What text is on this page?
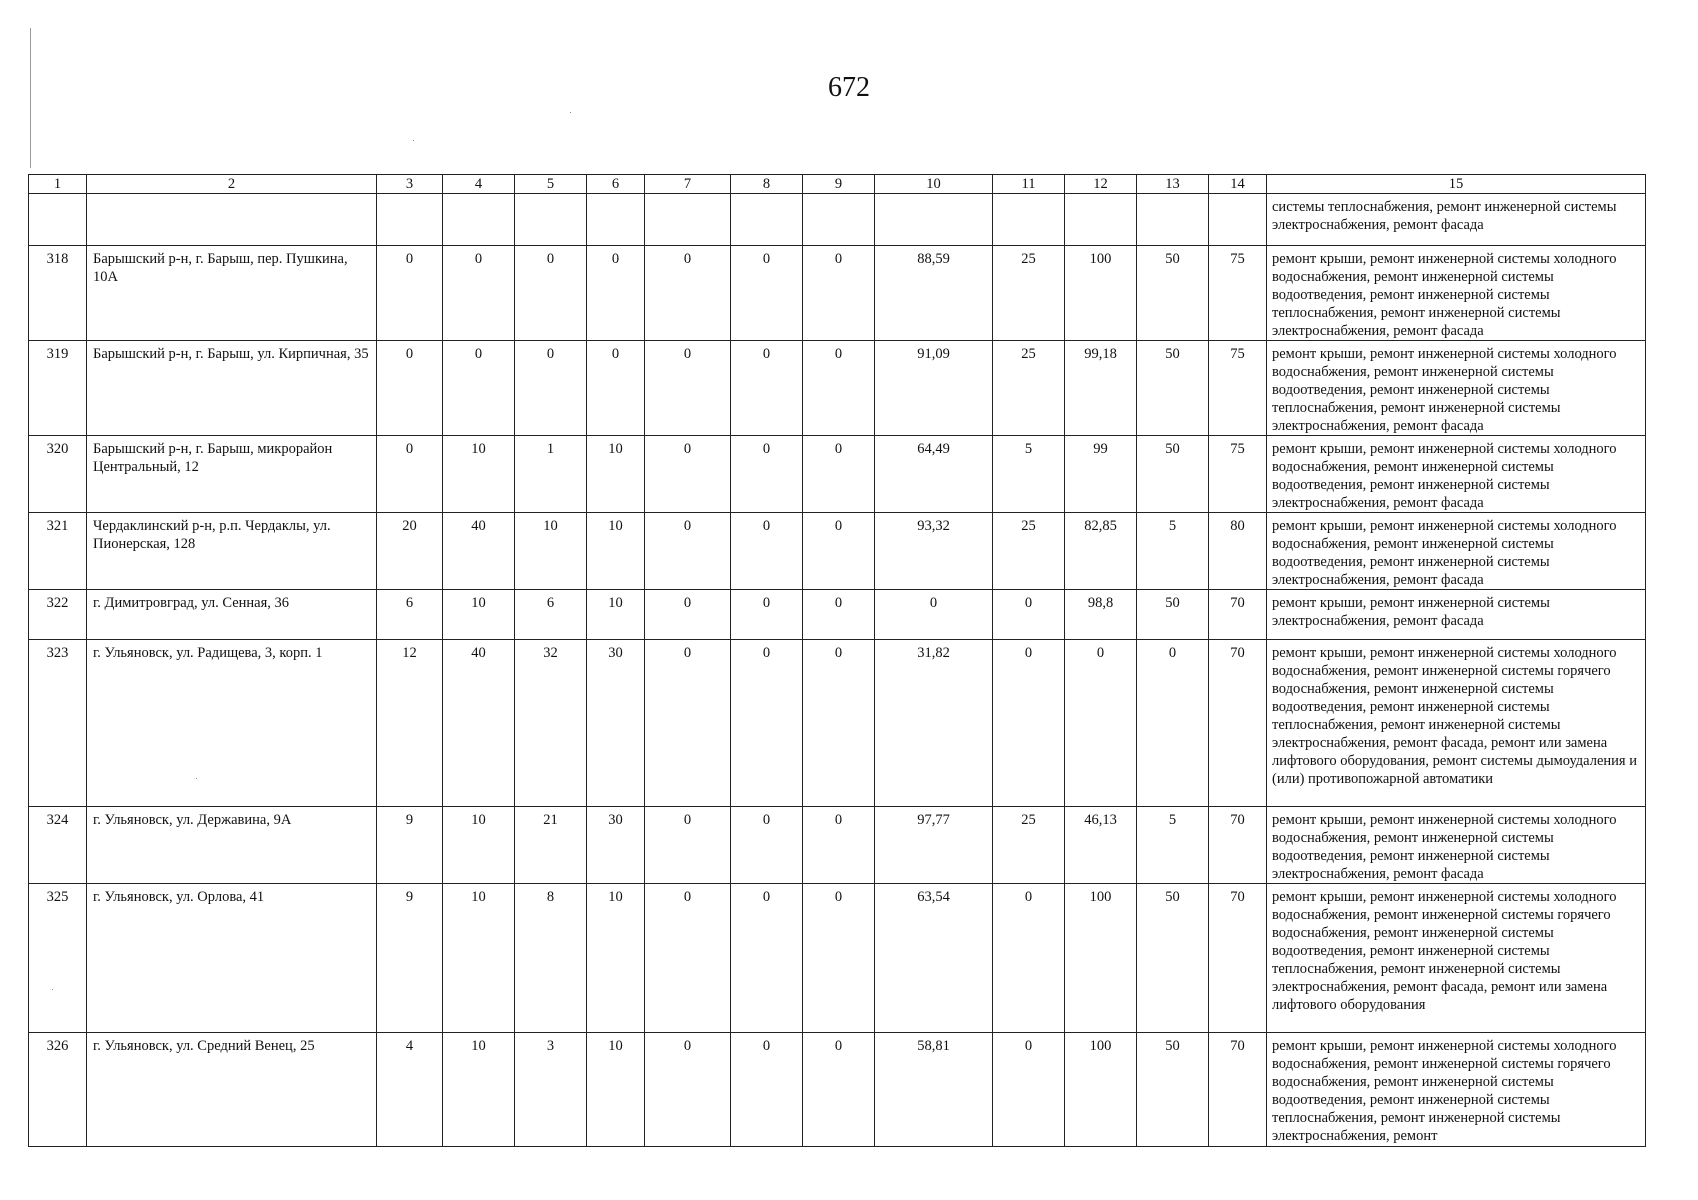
672
1	2	3	4	5	6	7	8	9	10	11	12	13	14	15
														системы теплоснабжения, ремонт инженерной системы электроснабжения, ремонт фасада
318	Барышский р-н, г. Барыш, пер. Пушкина, 10А	0	0	0	0	0	0	0	88,59	25	100	50	75	ремонт крыши, ремонт инженерной системы холодного водоснабжения, ремонт инженерной системы водоотведения, ремонт инженерной системы теплоснабжения, ремонт инженерной системы электроснабжения, ремонт фасада
319	Барышский р-н, г. Барыш, ул. Кирпичная, 35	0	0	0	0	0	0	0	91,09	25	99,18	50	75	ремонт крыши, ремонт инженерной системы холодного водоснабжения, ремонт инженерной системы водоотведения, ремонт инженерной системы теплоснабжения, ремонт инженерной системы электроснабжения, ремонт фасада
320	Барышский р-н, г. Барыш, микрорайон Центральный, 12	0	10	1	10	0	0	0	64,49	5	99	50	75	ремонт крыши, ремонт инженерной системы холодного водоснабжения, ремонт инженерной системы водоотведения, ремонт инженерной системы электроснабжения, ремонт фасада
321	Чердаклинский р-н, р.п. Чердаклы, ул. Пионерская, 128	20	40	10	10	0	0	0	93,32	25	82,85	5	80	ремонт крыши, ремонт инженерной системы холодного водоснабжения, ремонт инженерной системы водоотведения, ремонт инженерной системы электроснабжения, ремонт фасада
322	г. Димитровград, ул. Сенная, 36	6	10	6	10	0	0	0	0	0	98,8	50	70	ремонт крыши, ремонт инженерной системы электроснабжения, ремонт фасада
323	г. Ульяновск, ул. Радищева, 3, корп. 1	12	40	32	30	0	0	0	31,82	0	0	0	70	ремонт крыши, ремонт инженерной системы холодного водоснабжения, ремонт инженерной системы горячего водоснабжения, ремонт инженерной системы водоотведения, ремонт инженерной системы теплоснабжения, ремонт инженерной системы электроснабжения, ремонт фасада, ремонт или замена лифтового оборудования, ремонт системы дымоудаления и (или) противопожарной автоматики
324	г. Ульяновск, ул. Державина, 9А	9	10	21	30	0	0	0	97,77	25	46,13	5	70	ремонт крыши, ремонт инженерной системы холодного водоснабжения, ремонт инженерной системы водоотведения, ремонт инженерной системы электроснабжения, ремонт фасада
325	г. Ульяновск, ул. Орлова, 41	9	10	8	10	0	0	0	63,54	0	100	50	70	ремонт крыши, ремонт инженерной системы холодного водоснабжения, ремонт инженерной системы горячего водоснабжения, ремонт инженерной системы водоотведения, ремонт инженерной системы теплоснабжения, ремонт инженерной системы электроснабжения, ремонт фасада, ремонт или замена лифтового оборудования
326	г. Ульяновск, ул. Средний Венец, 25	4	10	3	10	0	0	0	58,81	0	100	50	70	ремонт крыши, ремонт инженерной системы холодного водоснабжения, ремонт инженерной системы горячего водоснабжения, ремонт инженерной системы водоотведения, ремонт инженерной системы теплоснабжения, ремонт инженерной системы электроснабжения, ремонт
